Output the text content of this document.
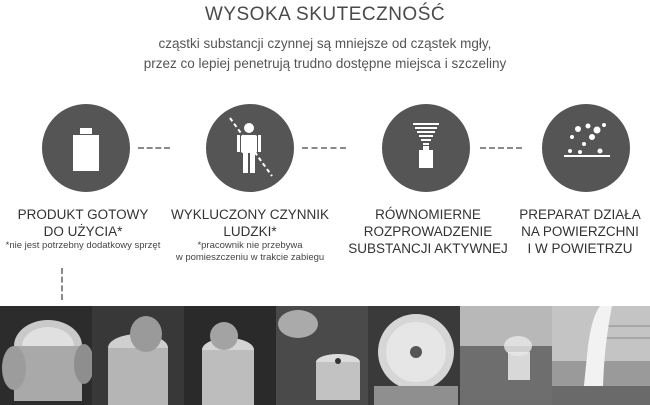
WYSOKA SKUTECZNOŚĆ
cząstki substancji czynnej są mniejsze od cząstek mgły,
przez co lepiej penetrują trudno dostępne miejsca i szczeliny
PRODUKT GOTOWY
DO UŻYCIA*
*nie jest potrzebny dodatkowy sprzęt
WYKLUCZONY CZYNNIK
LUDZKI*
*pracownik nie przebywa
w pomieszczeniu w trakcie zabiegu
RÓWNOMIERNE
ROZPROWADZENIE
SUBSTANCJI AKTYWNEJ
PREPARAT DZIAŁA
NA POWIERZCHNI
I W POWIETRZU
